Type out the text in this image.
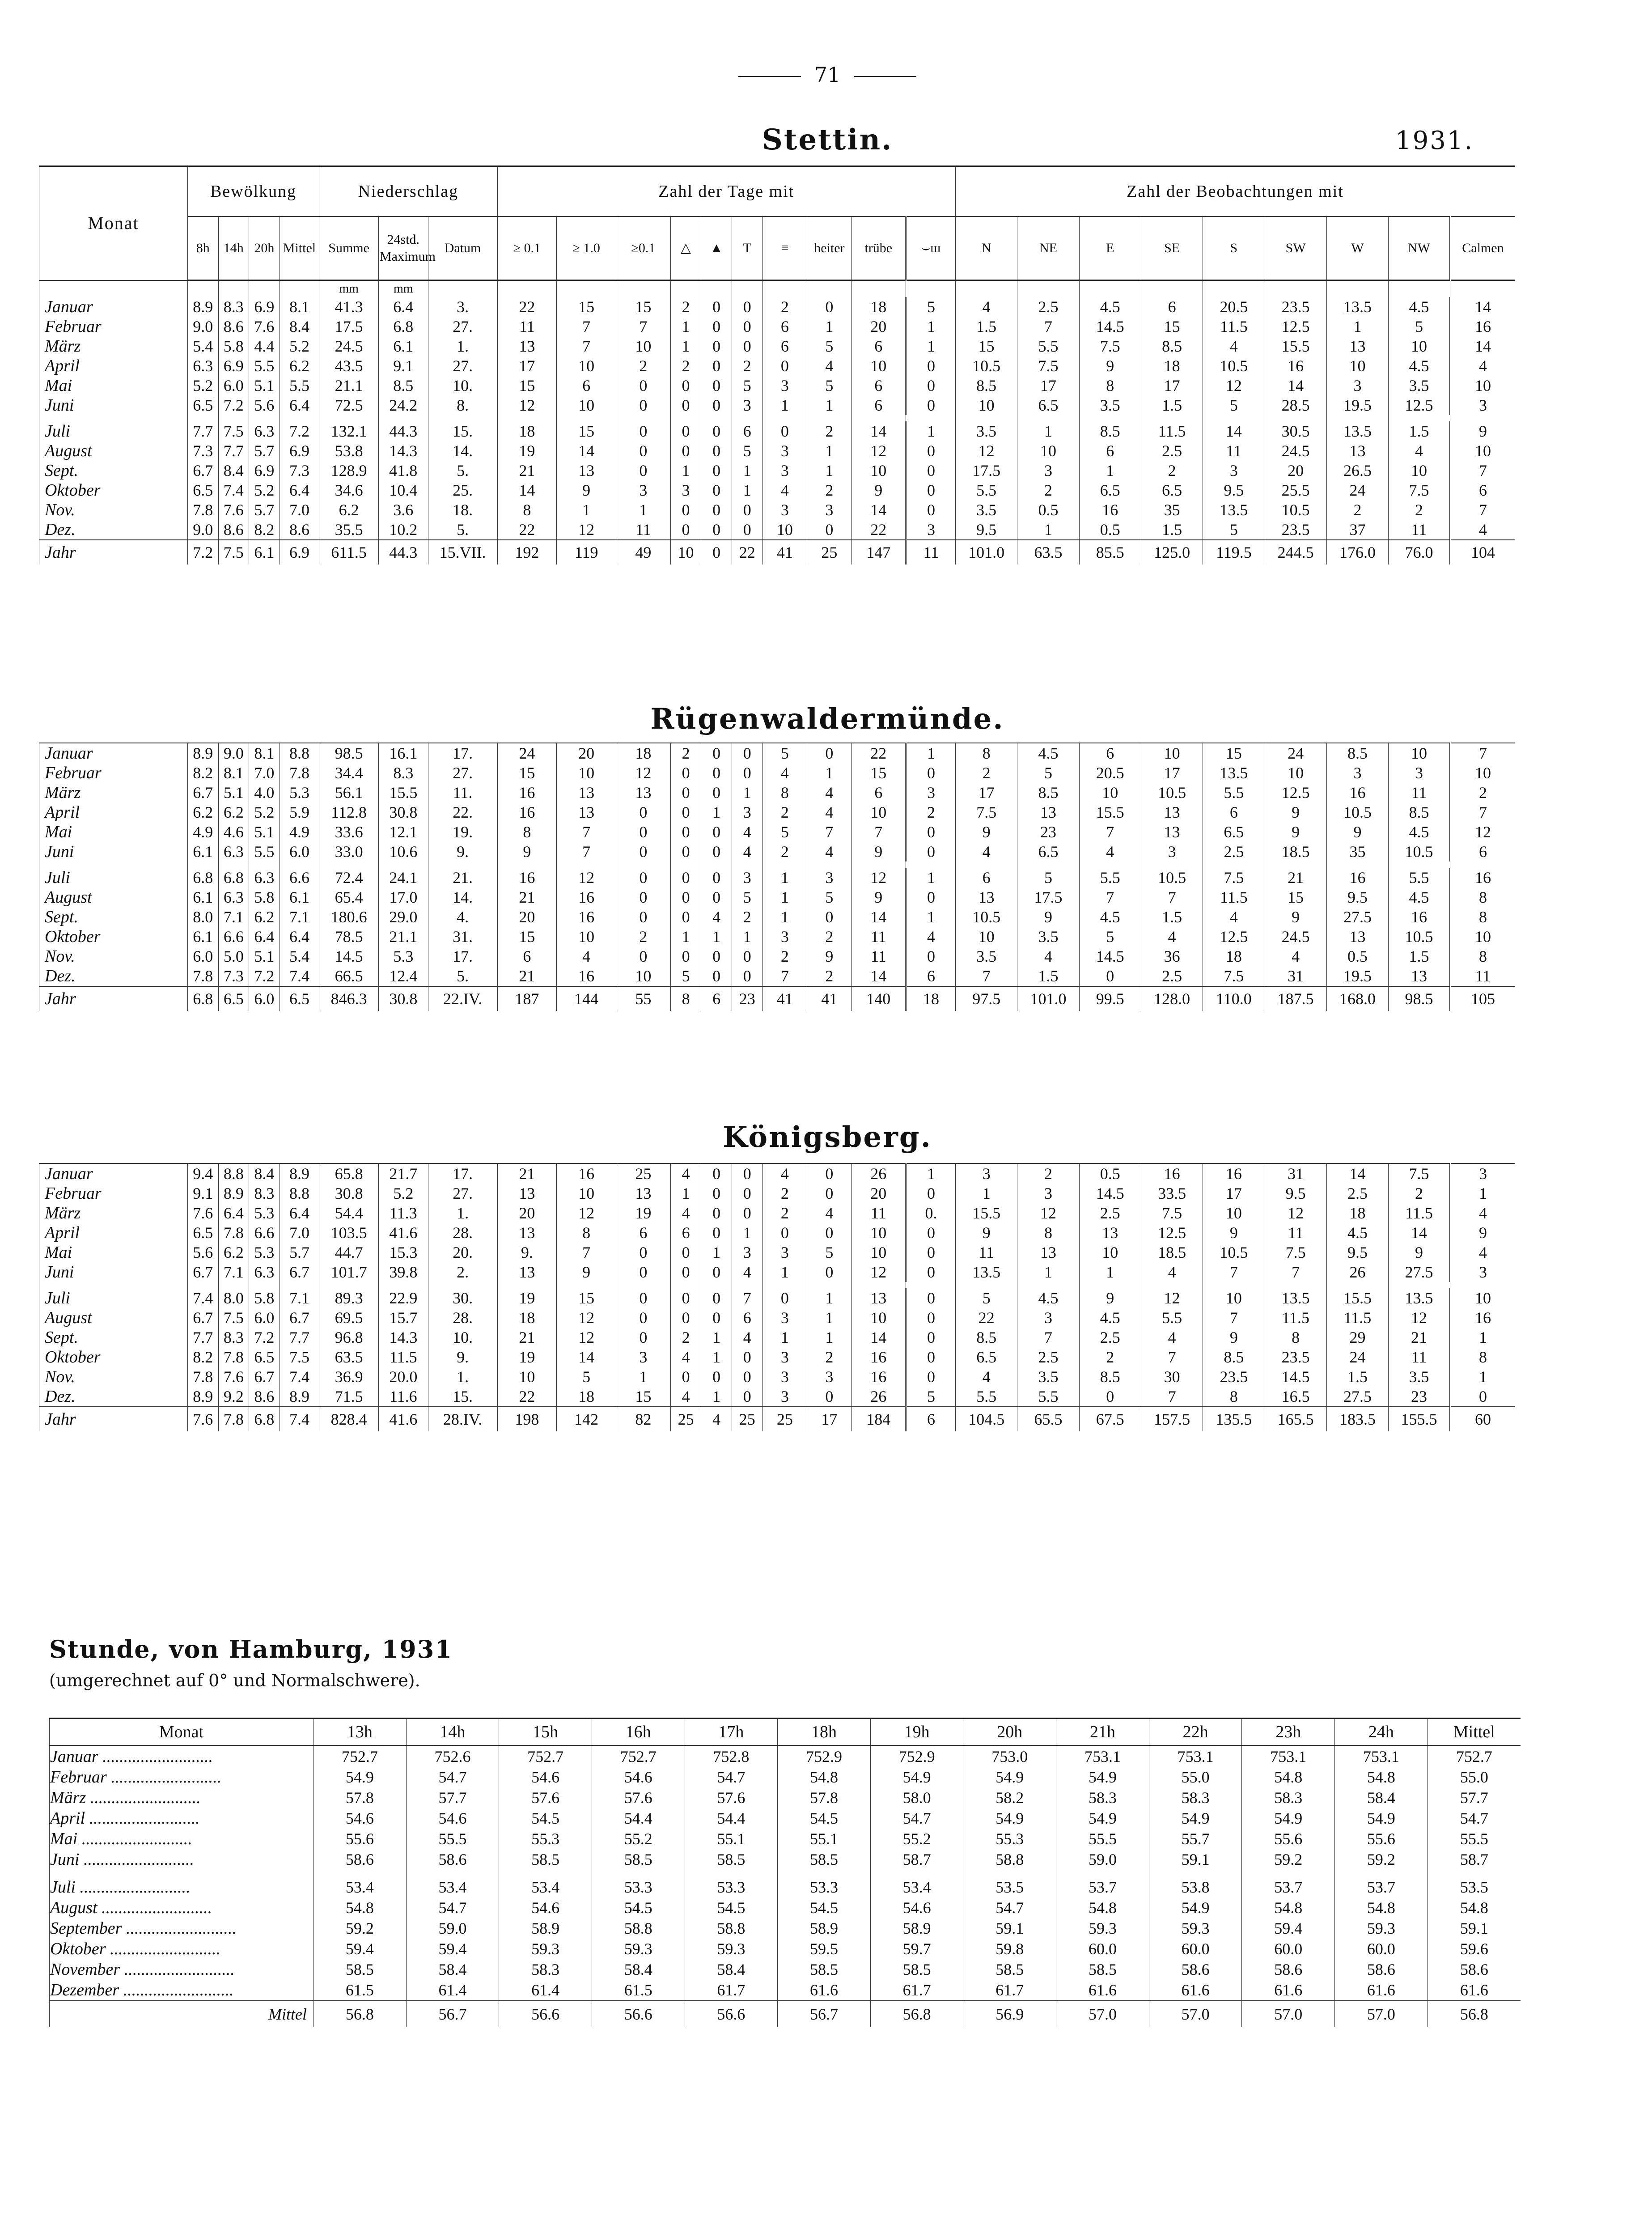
71
Stettin.	1931.
Rügenwaldermünde.
Königsberg.
Monat	Bewölkung				Niederschlag			Zahl der Tage mit										Zahl der Beobachtungen mit								
	8h	14h	20h	Mittel	Summe	24std. Maximum	Datum	≥ 0.1	≥ 1.0	≥0.1	△	▲	T	≡	heiter	trübe	⌣ш	N	NE	E	SE	S	SW	W	NW	Calmen
					mm	mm																				
Januar	8.9	8.3	6.9	8.1	41.3	6.4	3.	22	15	15	2	0	0	2	0	18	5	4	2.5	4.5	6	20.5	23.5	13.5	4.5	14
Februar	9.0	8.6	7.6	8.4	17.5	6.8	27.	11	7	7	1	0	0	6	1	20	1	1.5	7	14.5	15	11.5	12.5	1	5	16
März	5.4	5.8	4.4	5.2	24.5	6.1	1.	13	7	10	1	0	0	6	5	6	1	15	5.5	7.5	8.5	4	15.5	13	10	14
April	6.3	6.9	5.5	6.2	43.5	9.1	27.	17	10	2	2	0	2	0	4	10	0	10.5	7.5	9	18	10.5	16	10	4.5	4
Mai	5.2	6.0	5.1	5.5	21.1	8.5	10.	15	6	0	0	0	5	3	5	6	0	8.5	17	8	17	12	14	3	3.5	10
Juni	6.5	7.2	5.6	6.4	72.5	24.2	8.	12	10	0	0	0	3	1	1	6	0	10	6.5	3.5	1.5	5	28.5	19.5	12.5	3

Juli	7.7	7.5	6.3	7.2	132.1	44.3	15.	18	15	0	0	0	6	0	2	14	1	3.5	1	8.5	11.5	14	30.5	13.5	1.5	9
August	7.3	7.7	5.7	6.9	53.8	14.3	14.	19	14	0	0	0	5	3	1	12	0	12	10	6	2.5	11	24.5	13	4	10
Sept.	6.7	8.4	6.9	7.3	128.9	41.8	5.	21	13	0	1	0	1	3	1	10	0	17.5	3	1	2	3	20	26.5	10	7
Oktober	6.5	7.4	5.2	6.4	34.6	10.4	25.	14	9	3	3	0	1	4	2	9	0	5.5	2	6.5	6.5	9.5	25.5	24	7.5	6
Nov.	7.8	7.6	5.7	7.0	6.2	3.6	18.	8	1	1	0	0	0	3	3	14	0	3.5	0.5	16	35	13.5	10.5	2	2	7
Dez.	9.0	8.6	8.2	8.6	35.5	10.2	5.	22	12	11	0	0	0	10	0	22	3	9.5	1	0.5	1.5	5	23.5	37	11	4
Jahr	7.2	7.5	6.1	6.9	611.5	44.3	15.VII.	192	119	49	10	0	22	41	25	147	11	101.0	63.5	85.5	125.0	119.5	244.5	176.0	76.0	104
Januar	8.9	9.0	8.1	8.8	98.5	16.1	17.	24	20	18	2	0	0	5	0	22	1	8	4.5	6	10	15	24	8.5	10	7
Februar	8.2	8.1	7.0	7.8	34.4	8.3	27.	15	10	12	0	0	0	4	1	15	0	2	5	20.5	17	13.5	10	3	3	10
März	6.7	5.1	4.0	5.3	56.1	15.5	11.	16	13	13	0	0	1	8	4	6	3	17	8.5	10	10.5	5.5	12.5	16	11	2
April	6.2	6.2	5.2	5.9	112.8	30.8	22.	16	13	0	0	1	3	2	4	10	2	7.5	13	15.5	13	6	9	10.5	8.5	7
Mai	4.9	4.6	5.1	4.9	33.6	12.1	19.	8	7	0	0	0	4	5	7	7	0	9	23	7	13	6.5	9	9	4.5	12
Juni	6.1	6.3	5.5	6.0	33.0	10.6	9.	9	7	0	0	0	4	2	4	9	0	4	6.5	4	3	2.5	18.5	35	10.5	6

Juli	6.8	6.8	6.3	6.6	72.4	24.1	21.	16	12	0	0	0	3	1	3	12	1	6	5	5.5	10.5	7.5	21	16	5.5	16
August	6.1	6.3	5.8	6.1	65.4	17.0	14.	21	16	0	0	0	5	1	5	9	0	13	17.5	7	7	11.5	15	9.5	4.5	8
Sept.	8.0	7.1	6.2	7.1	180.6	29.0	4.	20	16	0	0	4	2	1	0	14	1	10.5	9	4.5	1.5	4	9	27.5	16	8
Oktober	6.1	6.6	6.4	6.4	78.5	21.1	31.	15	10	2	1	1	1	3	2	11	4	10	3.5	5	4	12.5	24.5	13	10.5	10
Nov.	6.0	5.0	5.1	5.4	14.5	5.3	17.	6	4	0	0	0	0	2	9	11	0	3.5	4	14.5	36	18	4	0.5	1.5	8
Dez.	7.8	7.3	7.2	7.4	66.5	12.4	5.	21	16	10	5	0	0	7	2	14	6	7	1.5	0	2.5	7.5	31	19.5	13	11
Jahr	6.8	6.5	6.0	6.5	846.3	30.8	22.IV.	187	144	55	8	6	23	41	41	140	18	97.5	101.0	99.5	128.0	110.0	187.5	168.0	98.5	105
Januar	9.4	8.8	8.4	8.9	65.8	21.7	17.	21	16	25	4	0	0	4	0	26	1	3	2	0.5	16	16	31	14	7.5	3
Februar	9.1	8.9	8.3	8.8	30.8	5.2	27.	13	10	13	1	0	0	2	0	20	0	1	3	14.5	33.5	17	9.5	2.5	2	1
März	7.6	6.4	5.3	6.4	54.4	11.3	1.	20	12	19	4	0	0	2	4	11	0.	15.5	12	2.5	7.5	10	12	18	11.5	4
April	6.5	7.8	6.6	7.0	103.5	41.6	28.	13	8	6	6	0	1	0	0	10	0	9	8	13	12.5	9	11	4.5	14	9
Mai	5.6	6.2	5.3	5.7	44.7	15.3	20.	9.	7	0	0	1	3	3	5	10	0	11	13	10	18.5	10.5	7.5	9.5	9	4
Juni	6.7	7.1	6.3	6.7	101.7	39.8	2.	13	9	0	0	0	4	1	0	12	0	13.5	1	1	4	7	7	26	27.5	3

Juli	7.4	8.0	5.8	7.1	89.3	22.9	30.	19	15	0	0	0	7	0	1	13	0	5	4.5	9	12	10	13.5	15.5	13.5	10
August	6.7	7.5	6.0	6.7	69.5	15.7	28.	18	12	0	0	0	6	3	1	10	0	22	3	4.5	5.5	7	11.5	11.5	12	16
Sept.	7.7	8.3	7.2	7.7	96.8	14.3	10.	21	12	0	2	1	4	1	1	14	0	8.5	7	2.5	4	9	8	29	21	1
Oktober	8.2	7.8	6.5	7.5	63.5	11.5	9.	19	14	3	4	1	0	3	2	16	0	6.5	2.5	2	7	8.5	23.5	24	11	8
Nov.	7.8	7.6	6.7	7.4	36.9	20.0	1.	10	5	1	0	0	0	3	3	16	0	4	3.5	8.5	30	23.5	14.5	1.5	3.5	1
Dez.	8.9	9.2	8.6	8.9	71.5	11.6	15.	22	18	15	4	1	0	3	0	26	5	5.5	5.5	0	7	8	16.5	27.5	23	0
Jahr	7.6	7.8	6.8	7.4	828.4	41.6	28.IV.	198	142	82	25	4	25	25	17	184	6	104.5	65.5	67.5	157.5	135.5	165.5	183.5	155.5	60
Stunde, von Hamburg, 1931
(umgerechnet auf 0° und Normalschwere).
Monat	13h	14h	15h	16h	17h	18h	19h	20h	21h	22h	23h	24h	Mittel
Januar ..........................	752.7	752.6	752.7	752.7	752.8	752.9	752.9	753.0	753.1	753.1	753.1	753.1	752.7
Februar ..........................	54.9	54.7	54.6	54.6	54.7	54.8	54.9	54.9	54.9	55.0	54.8	54.8	55.0
März ..........................	57.8	57.7	57.6	57.6	57.6	57.8	58.0	58.2	58.3	58.3	58.3	58.4	57.7
April ..........................	54.6	54.6	54.5	54.4	54.4	54.5	54.7	54.9	54.9	54.9	54.9	54.9	54.7
Mai ..........................	55.6	55.5	55.3	55.2	55.1	55.1	55.2	55.3	55.5	55.7	55.6	55.6	55.5
Juni ..........................	58.6	58.6	58.5	58.5	58.5	58.5	58.7	58.8	59.0	59.1	59.2	59.2	58.7

Juli ..........................	53.4	53.4	53.4	53.3	53.3	53.3	53.4	53.5	53.7	53.8	53.7	53.7	53.5
August ..........................	54.8	54.7	54.6	54.5	54.5	54.5	54.6	54.7	54.8	54.9	54.8	54.8	54.8
September ..........................	59.2	59.0	58.9	58.8	58.8	58.9	58.9	59.1	59.3	59.3	59.4	59.3	59.1
Oktober ..........................	59.4	59.4	59.3	59.3	59.3	59.5	59.7	59.8	60.0	60.0	60.0	60.0	59.6
November ..........................	58.5	58.4	58.3	58.4	58.4	58.5	58.5	58.5	58.5	58.6	58.6	58.6	58.6
Dezember ..........................	61.5	61.4	61.4	61.5	61.7	61.6	61.7	61.7	61.6	61.6	61.6	61.6	61.6
Mittel	56.8	56.7	56.6	56.6	56.6	56.7	56.8	56.9	57.0	57.0	57.0	57.0	56.8
